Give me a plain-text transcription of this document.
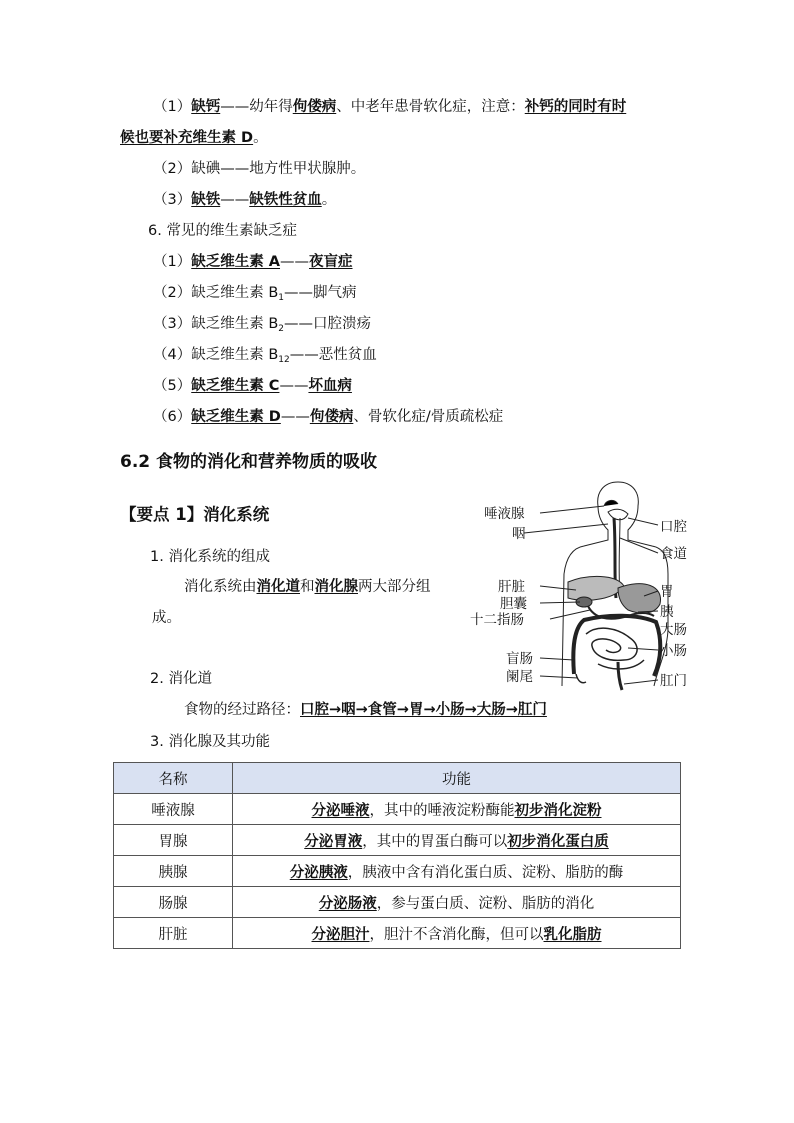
（1）缺钙——幼年得佝偻病、中老年患骨软化症，注意：补钙的同时有时
候也要补充维生素 D。
（2）缺碘——地方性甲状腺肿。
（3）缺铁——缺铁性贫血。
6. 常见的维生素缺乏症
（1）缺乏维生素 A——夜盲症
（2）缺乏维生素 $B_1——$脚气病
（3）缺乏维生素 $B_2——$口腔溃疡
（4）缺乏维生素 $B_{12}——$恶性贫血
（5）缺乏维生素 C——坏血病
（6）缺乏维生素 D——佝偻病、骨软化症/骨质疏松症
6.2 食物的消化和营养物质的吸收
【要点 1】消化系统
1. 消化系统的组成
消化系统由消化道和消化腺两大部分组
成。
2. 消化道
食物的经过路径：口腔→咽→食管→胃→小肠→大肠→肛门
3. 消化腺及其功能
唾液腺
咽
肝脏
胆囊
十二指肠
盲肠
阑尾
口腔
食道
胃
胰
大肠
小肠
肛门
名称	功能
唾液腺	分泌唾液，其中的唾液淀粉酶能初步消化淀粉
胃腺	分泌胃液，其中的胃蛋白酶可以初步消化蛋白质
胰腺	分泌胰液，胰液中含有消化蛋白质、淀粉、脂肪的酶
肠腺	分泌肠液，参与蛋白质、淀粉、脂肪的消化
肝脏	分泌胆汁，胆汁不含消化酶，但可以乳化脂肪
